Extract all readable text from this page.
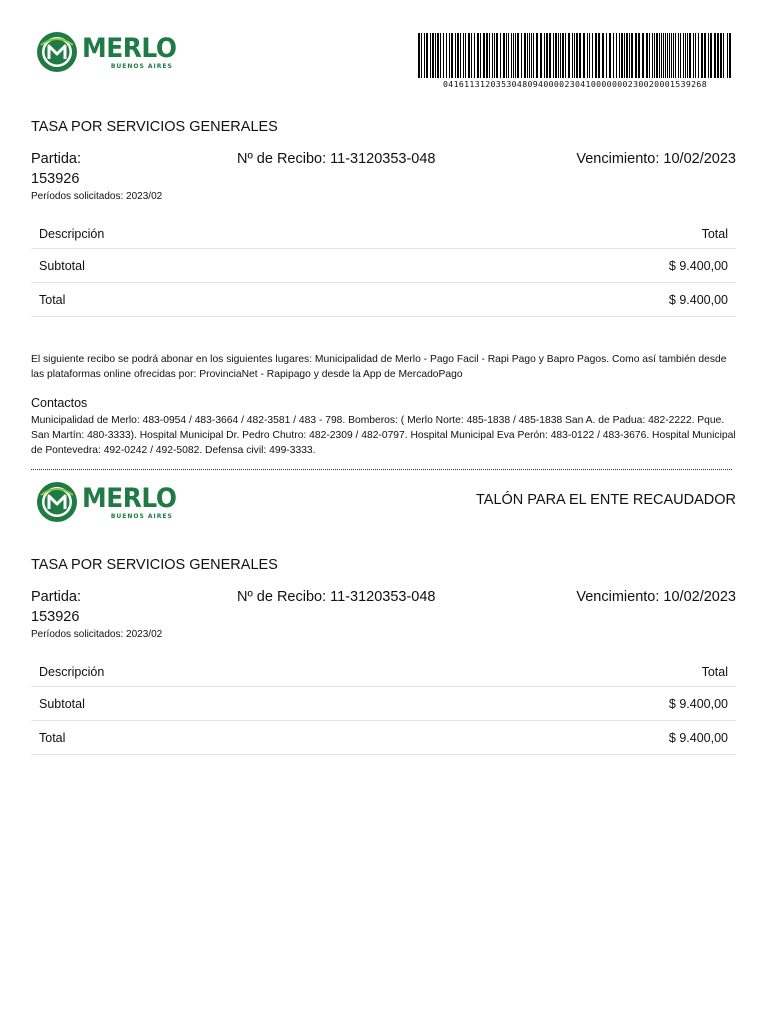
MERLO
BUENOS AIRES
04161131203530480940000230410000000230020001539268
TASA POR SERVICIOS GENERALES
Partida:	Nº de Recibo: 11-3120353-048	Vencimiento: 10/02/2023
153926
Períodos solicitados: 2023/02
Descripción	Total
Subtotal	$ 9.400,00
Total	$ 9.400,00
El siguiente recibo se podrá abonar en los siguientes lugares: Municipalidad de Merlo - Pago Facil - Rapi Pago y Bapro Pagos. Como así también desde las plataformas online ofrecidas por: ProvinciaNet - Rapipago y desde la App de MercadoPago
Contactos
Municipalidad de Merlo: 483-0954 / 483-3664 / 482-3581 / 483 - 798. Bomberos: ( Merlo Norte: 485-1838 / 485-1838 San A. de Padua: 482-2222. Pque. San Martín: 480-3333). Hospital Municipal Dr. Pedro Chutro: 482-2309 / 482-0797. Hospital Municipal Eva Perón: 483-0122 / 483-3676. Hospital Municipal de Pontevedra: 492-0242 / 492-5082. Defensa civil: 499-3333.
MERLO
BUENOS AIRES
TALÓN PARA EL ENTE RECAUDADOR
TASA POR SERVICIOS GENERALES
Partida:	Nº de Recibo: 11-3120353-048	Vencimiento: 10/02/2023
153926
Períodos solicitados: 2023/02
Descripción	Total
Subtotal	$ 9.400,00
Total	$ 9.400,00
